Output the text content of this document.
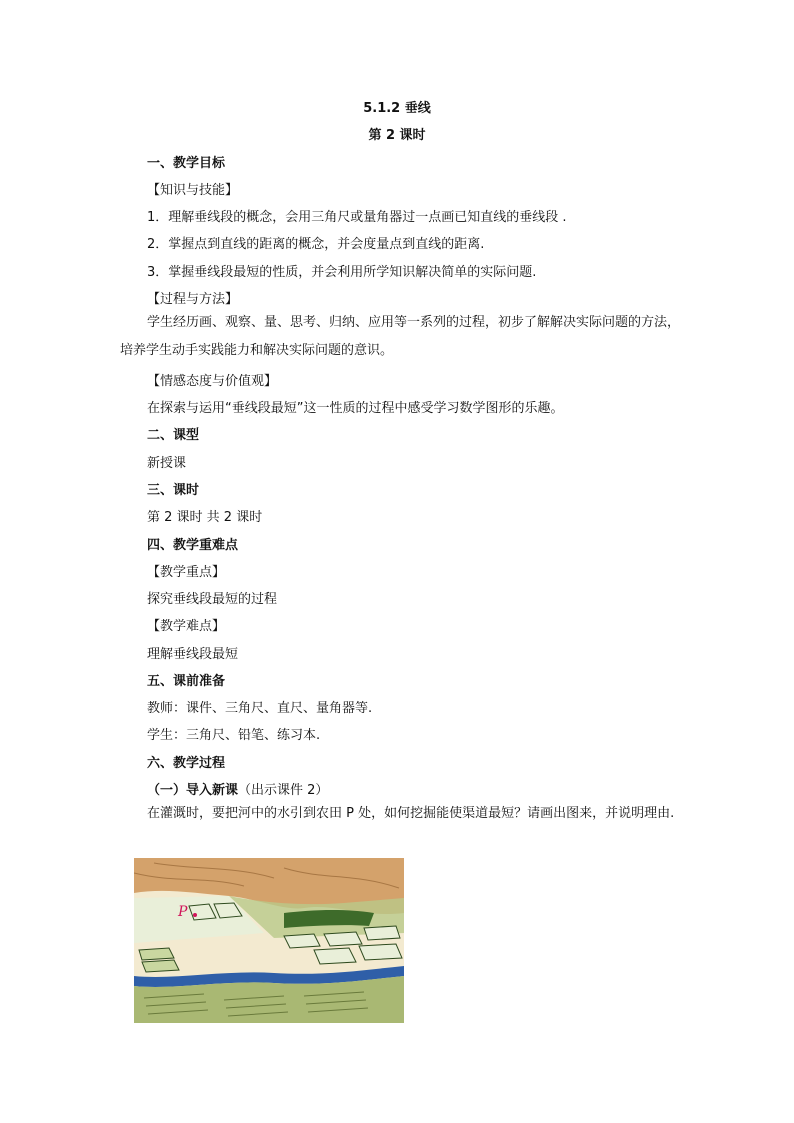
5.1.2 垂线
第 2 课时
一、教学目标
【知识与技能】
1．理解垂线段的概念，会用三角尺或量角器过一点画已知直线的垂线段 .
2．掌握点到直线的距离的概念，并会度量点到直线的距离.
3．掌握垂线段最短的性质，并会利用所学知识解决简单的实际问题.
【过程与方法】
学生经历画、观察、量、思考、归纳、应用等一系列的过程，初步了解解决实际问题的方法，培养学生动手实践能力和解决实际问题的意识。
【情感态度与价值观】
在探索与运用“垂线段最短”这一性质的过程中感受学习数学图形的乐趣。
二、课型
新授课
三、课时
第 2 课时 共 2 课时
四、教学重难点
【教学重点】
探究垂线段最短的过程
【教学难点】
理解垂线段最短
五、课前准备
教师：课件、三角尺、直尺、量角器等.
学生：三角尺、铅笔、练习本.
六、教学过程
（一）导入新课（出示课件 2）
在灌溉时，要把河中的水引到农田 P 处，如何挖掘能使渠道最短？请画出图来，并说明理由.
P
